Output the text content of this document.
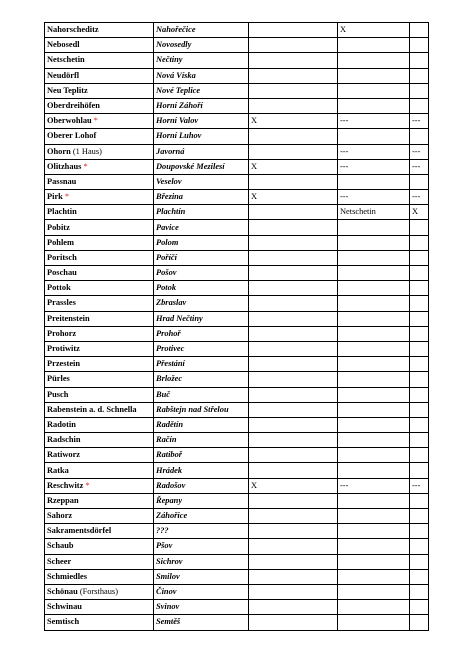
Nahorscheditz	Nahořečice		X	
Nebosedl	Novosedly			
Netschetin	Nečtiny			
Neudörfl	Nová Víska			
Neu Teplitz	Nové Teplice			
Oberdreihöfen	Horní Záhoří			
Oberwohlau *	Horní Valov	X	---	---
Oberer Lohof	Horní Luhov			
Ohorn (1 Haus)	Javorná		---	---
Olitzhaus *	Doupovské Mezilesí	X	---	---
Passnau	Veselov			
Pirk *	Březina	X	---	---
Plachtin	Plachtín		Netschetin	X
Pobitz	Pavice			
Pohlem	Polom			
Poritsch	Poříčí			
Poschau	Pošov			
Pottok	Potok			
Prassles	Zbraslav			
Preitenstein	Hrad Nečtiny			
Prohorz	Prohoř			
Protiwitz	Protivec			
Przestein	Přestání			
Pürles	Brložec			
Pusch	Buč			
Rabenstein a. d. Schnella	Rabštejn nad Střelou			
Radotin	Radětín			
Radschin	Račín			
Ratiworz	Ratiboř			
Ratka	Hrádek			
Reschwitz *	Radošov	X	---	---
Rzeppan	Řepany			
Sahorz	Záhořice			
Sakramentsdörfel	???			
Schaub	Pšov			
Scheer	Sichrov			
Schmiedles	Smilov			
Schönau (Forsthaus)	Činov			
Schwinau	Svinov			
Semtisch	Semtěš			
